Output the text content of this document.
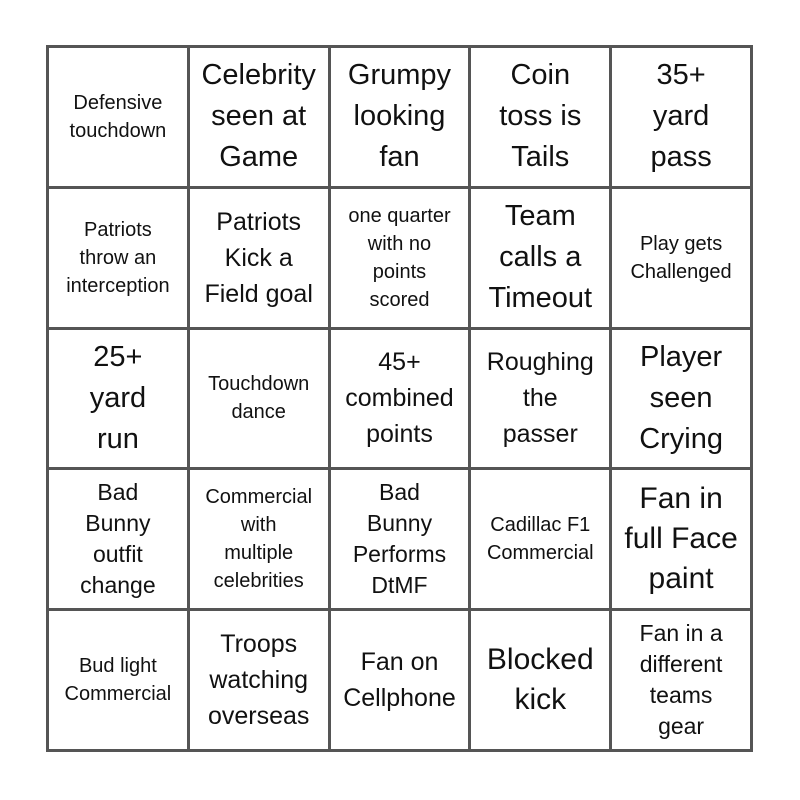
Defensive
touchdown
Celebrity
seen at
Game
Grumpy
looking
fan
Coin
toss is
Tails
35+
yard
pass
Patriots
throw an
interception
Patriots
Kick a
Field goal
one quarter
with no
points
scored
Team
calls a
Timeout
Play gets
Challenged
25+
yard
run
Touchdown
dance
45+
combined
points
Roughing
the
passer
Player
seen
Crying
Bad
Bunny
outfit
change
Commercial
with
multiple
celebrities
Bad
Bunny
Performs
DtMF
Cadillac F1
Commercial
Fan in
full Face
paint
Bud light
Commercial
Troops
watching
overseas
Fan on
Cellphone
Blocked
kick
Fan in a
different
teams
gear
